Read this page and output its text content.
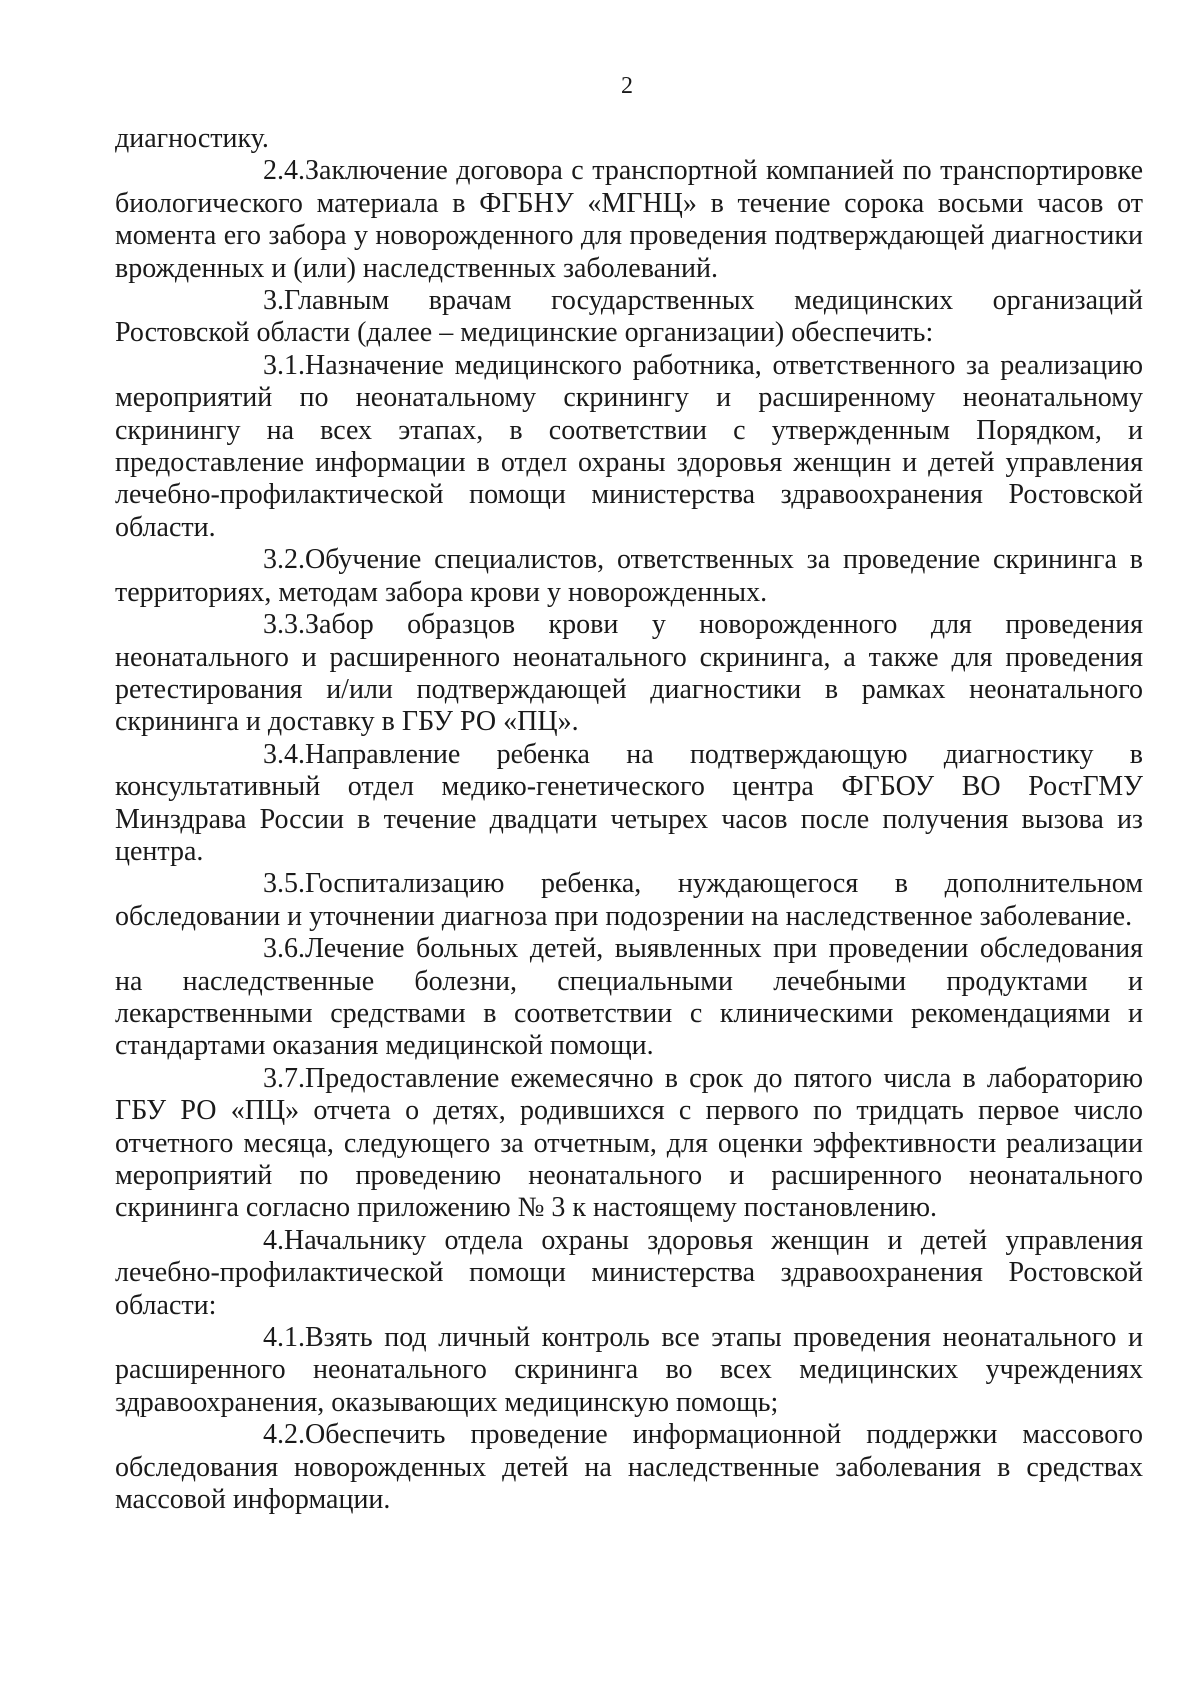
2

диагностику.

2.4.Заключение договора с транспортной компанией по транспортировке биологического материала в ФГБНУ «МГНЦ» в течение сорока восьми часов от момента его забора у новорожденного для проведения подтверждающей диагностики врожденных и (или) наследственных заболеваний.

3.Главным врачам государственных медицинских организаций Ростовской области (далее – медицинские организации) обеспечить:

3.1.Назначение медицинского работника, ответственного за реализацию мероприятий по неонатальному скринингу и расширенному неонатальному скринингу на всех этапах, в соответствии с утвержденным Порядком, и предоставление информации в отдел охраны здоровья женщин и детей управления лечебно-профилактической помощи министерства здравоохранения Ростовской области.

3.2.Обучение специалистов, ответственных за проведение скрининга в территориях, методам забора крови у новорожденных.

3.3.Забор образцов крови у новорожденного для проведения неонатального и расширенного неонатального скрининга, а также для проведения ретестирования и/или подтверждающей диагностики в рамках неонатального скрининга и доставку в ГБУ РО «ПЦ».

3.4.Направление ребенка на подтверждающую диагностику в консультативный отдел медико-генетического центра ФГБОУ ВО РостГМУ Минздрава России в течение двадцати четырех часов после получения вызова из центра.

3.5.Госпитализацию ребенка, нуждающегося в дополнительном обследовании и уточнении диагноза при подозрении на наследственное заболевание.

3.6.Лечение больных детей, выявленных при проведении обследования на наследственные болезни, специальными лечебными продуктами и лекарственными средствами в соответствии с клиническими рекомендациями и стандартами оказания медицинской помощи.

3.7.Предоставление ежемесячно в срок до пятого числа в лабораторию ГБУ РО «ПЦ» отчета о детях, родившихся с первого по тридцать первое число отчетного месяца, следующего за отчетным, для оценки эффективности реализации мероприятий по проведению неонатального и расширенного неонатального скрининга согласно приложению № 3 к настоящему постановлению.

4.Начальнику отдела охраны здоровья женщин и детей управления лечебно-профилактической помощи министерства здравоохранения Ростовской области:

4.1.Взять под личный контроль все этапы проведения неонатального и расширенного неонатального скрининга во всех медицинских учреждениях здравоохранения, оказывающих медицинскую помощь;

4.2.Обеспечить проведение информационной поддержки массового обследования новорожденных детей на наследственные заболевания в средствах массовой информации.
